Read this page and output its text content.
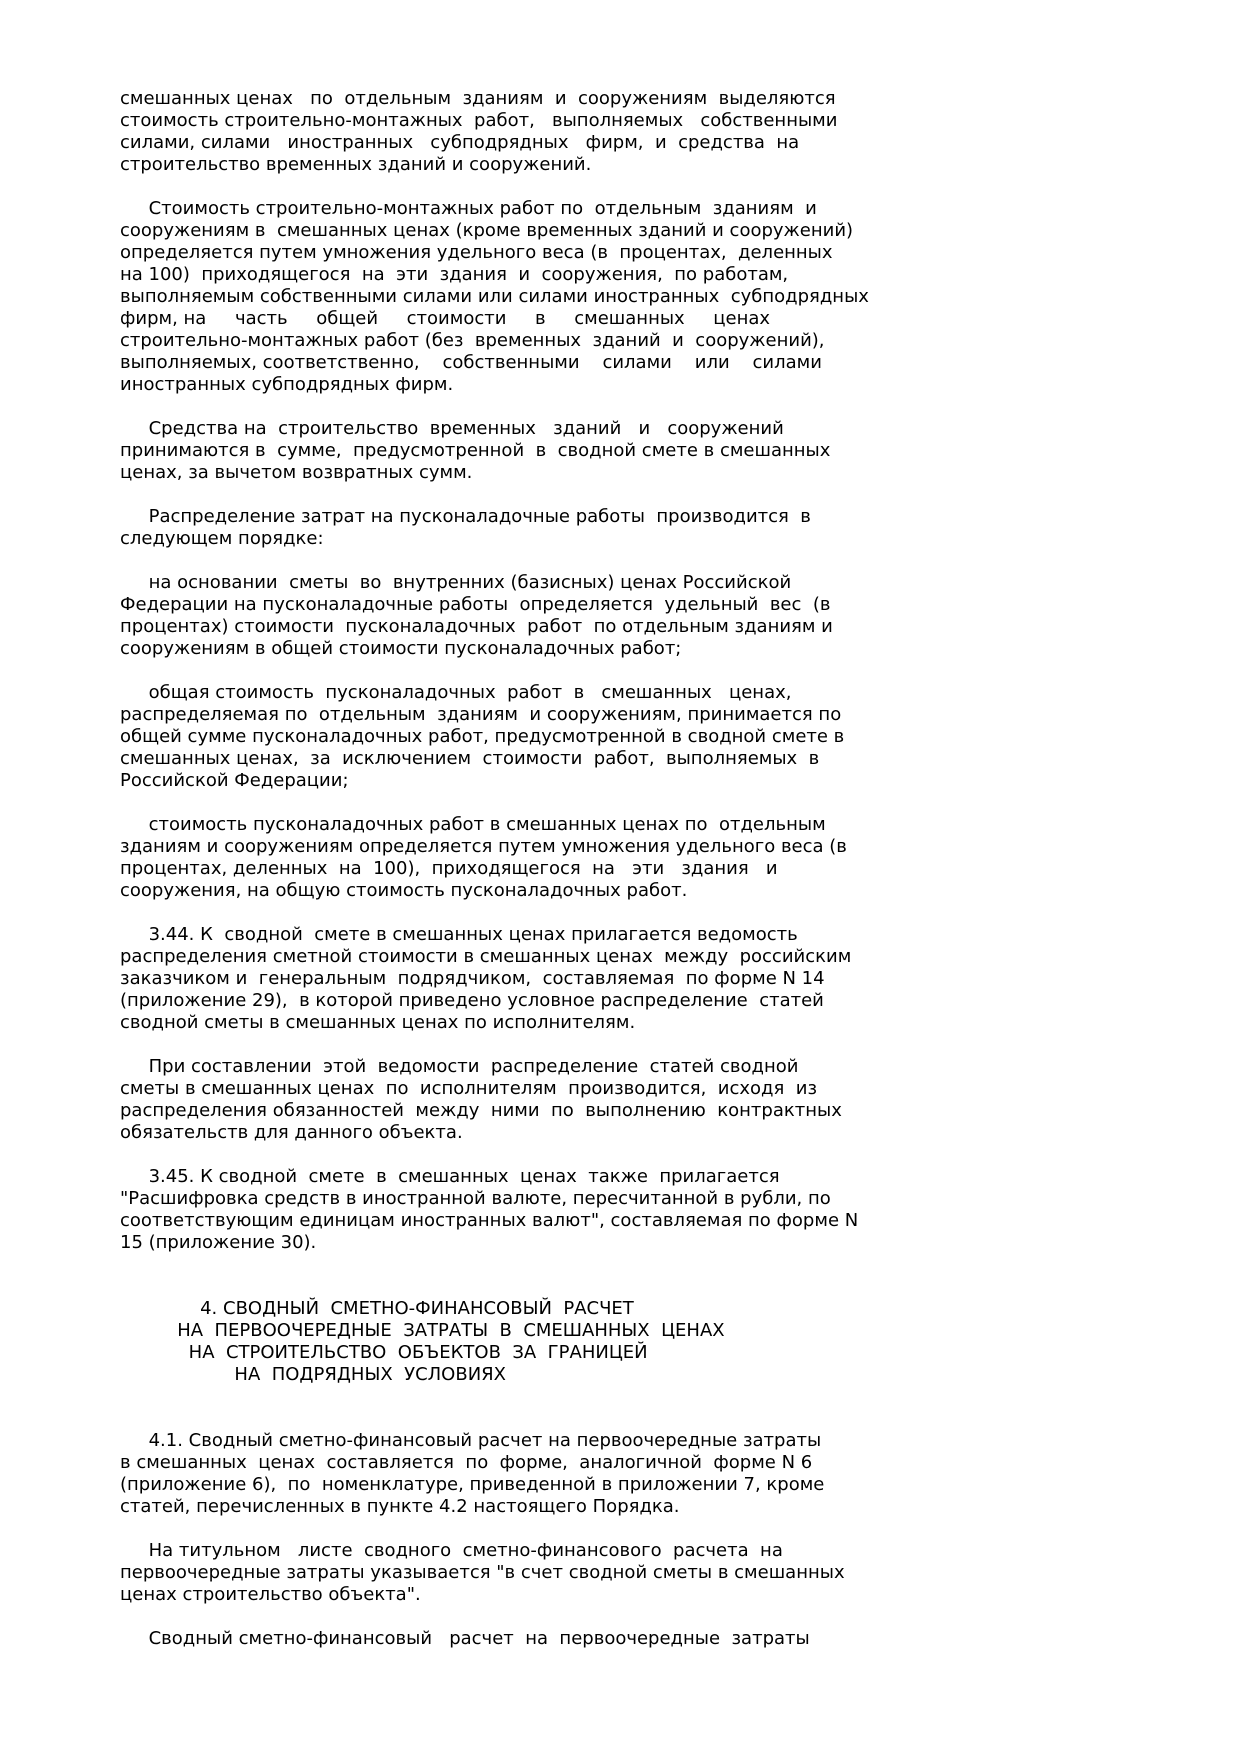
смешанных ценах   по  отдельным  зданиям  и  сооружениям  выделяются
стоимость строительно-монтажных  работ,   выполняемых   собственными
силами, силами   иностранных   субподрядных   фирм,  и  средства  на
строительство временных зданий и сооружений.
Стоимость строительно-монтажных работ по  отдельным  зданиям  и
сооружениям в  смешанных ценах (кроме временных зданий и сооружений)
определяется путем умножения удельного веса (в  процентах,  деленных
на 100)  приходящегося  на  эти  здания  и  сооружения,  по работам,
выполняемым собственными силами или силами иностранных  субподрядных
фирм, на     часть     общей     стоимости     в     смешанных     ценах
строительно-монтажных работ (без  временных  зданий  и  сооружений),
выполняемых, соответственно,    собственными    силами    или    силами
иностранных субподрядных фирм.
Средства на  строительство  временных   зданий   и   сооружений
принимаются в  сумме,  предусмотренной  в  сводной смете в смешанных
ценах, за вычетом возвратных сумм.
Распределение затрат на пусконаладочные работы  производится  в
следующем порядке:
на основании  сметы  во  внутренних (базисных) ценах Российской
Федерации на пусконаладочные работы  определяется  удельный  вес  (в
процентах) стоимости  пусконаладочных  работ  по отдельным зданиям и
сооружениям в общей стоимости пусконаладочных работ;
общая стоимость  пусконаладочных  работ  в   смешанных   ценах,
распределяемая по  отдельным  зданиям  и сооружениям, принимается по
общей сумме пусконаладочных работ, предусмотренной в сводной смете в
смешанных ценах,  за  исключением  стоимости  работ,  выполняемых  в
Российской Федерации;
стоимость пусконаладочных работ в смешанных ценах по  отдельным
зданиям и сооружениям определяется путем умножения удельного веса (в
процентах, деленных  на  100),  приходящегося  на   эти   здания   и
сооружения, на общую стоимость пусконаладочных работ.
3.44. К  сводной  смете в смешанных ценах прилагается ведомость
распределения сметной стоимости в смешанных ценах  между  российским
заказчиком и  генеральным  подрядчиком,  составляемая  по форме N 14
(приложение 29),  в которой приведено условное распределение  статей
сводной сметы в смешанных ценах по исполнителям.
При составлении  этой  ведомости  распределение  статей сводной
сметы в смешанных ценах  по  исполнителям  производится,  исходя  из
распределения обязанностей  между  ними  по  выполнению  контрактных
обязательств для данного объекта.
3.45. К сводной  смете  в  смешанных  ценах  также  прилагается
"Расшифровка средств в иностранной валюте, пересчитанной в рубли, по
соответствующим единицам иностранных валют", составляемая по форме N
15 (приложение 30).
4. СВОДНЫЙ  СМЕТНО-ФИНАНСОВЫЙ  РАСЧЕТ
НА  ПЕРВООЧЕРЕДНЫЕ  ЗАТРАТЫ  В  СМЕШАННЫХ  ЦЕНАХ
НА  СТРОИТЕЛЬСТВО  ОБЪЕКТОВ  ЗА  ГРАНИЦЕЙ
НА  ПОДРЯДНЫХ  УСЛОВИЯХ
4.1. Сводный сметно-финансовый расчет на первоочередные затраты
в смешанных  ценах  составляется  по  форме,  аналогичной  форме N 6
(приложение 6),  по  номенклатуре, приведенной в приложении 7, кроме
статей, перечисленных в пункте 4.2 настоящего Порядка.
На титульном   листе  сводного  сметно-финансового  расчета  на
первоочередные затраты указывается "в счет сводной сметы в смешанных
ценах строительство объекта".
Сводный сметно-финансовый   расчет  на  первоочередные  затраты
